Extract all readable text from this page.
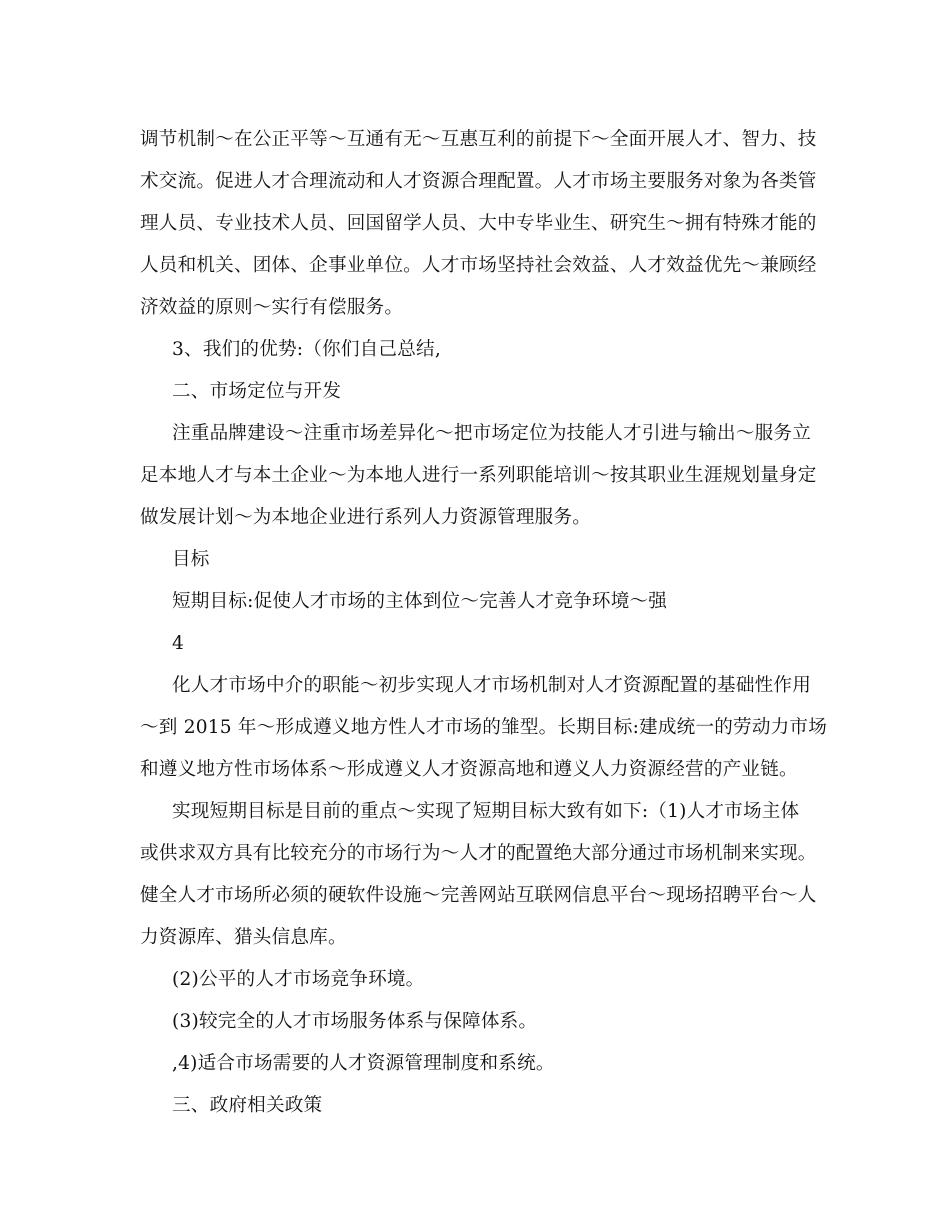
调节机制～在公正平等～互通有无～互惠互利的前提下～全面开展人才、智力、技
术交流。促进人才合理流动和人才资源合理配置。人才市场主要服务对象为各类管
理人员、专业技术人员、回国留学人员、大中专毕业生、研究生～拥有特殊才能的
人员和机关、团体、企事业单位。人才市场坚持社会效益、人才效益优先～兼顾经
济效益的原则～实行有偿服务。
3、我们的优势:（你们自己总结,
二、市场定位与开发
注重品牌建设～注重市场差异化～把市场定位为技能人才引进与输出～服务立
足本地人才与本土企业～为本地人进行一系列职能培训～按其职业生涯规划量身定
做发展计划～为本地企业进行系列人力资源管理服务。
目标
短期目标:促使人才市场的主体到位～完善人才竞争环境～强
4
化人才市场中介的职能～初步实现人才市场机制对人才资源配置的基础性作用
～到 2015 年～形成遵义地方性人才市场的雏型。长期目标:建成统一的劳动力市场
和遵义地方性市场体系～形成遵义人才资源高地和遵义人力资源经营的产业链。
实现短期目标是目前的重点～实现了短期目标大致有如下:（1)人才市场主体
或供求双方具有比较充分的市场行为～人才的配置绝大部分通过市场机制来实现。
健全人才市场所必须的硬软件设施～完善网站互联网信息平台～现场招聘平台～人
力资源库、猎头信息库。
(2)公平的人才市场竞争环境。
(3)较完全的人才市场服务体系与保障体系。
,4)适合市场需要的人才资源管理制度和系统。
三、政府相关政策
